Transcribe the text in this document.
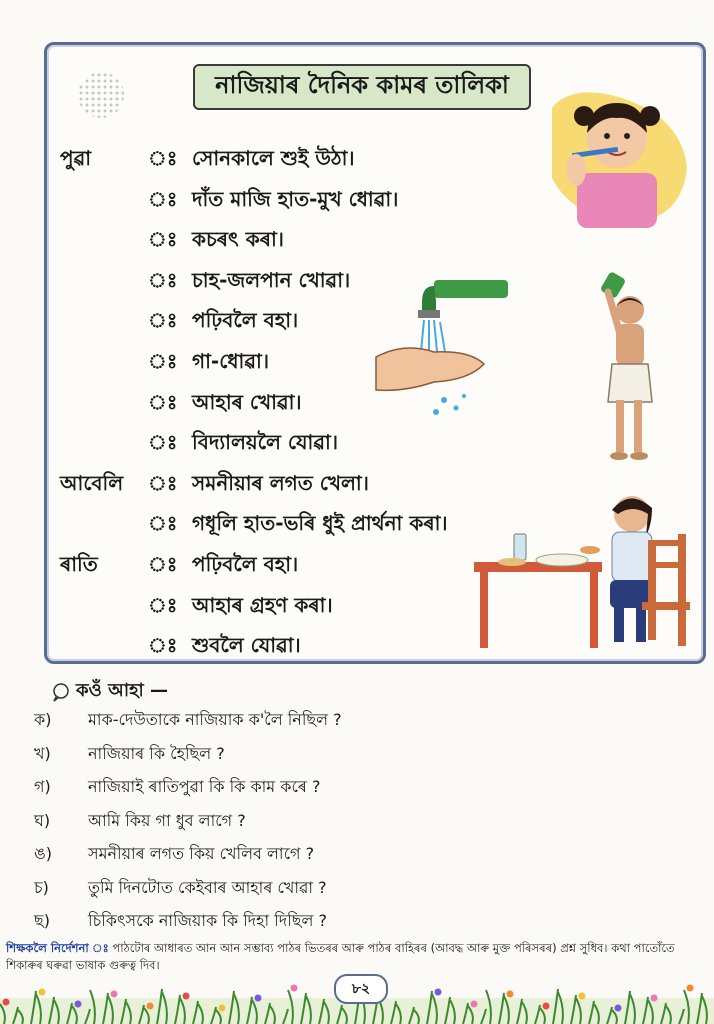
নাজিয়াৰ দৈনিক কামৰ তালিকা
পুৱা	ঃ সোনকালে শুই উঠা।
ঃ দাঁত মাজি হাত-মুখ ধোৱা।
ঃ কচৰৎ কৰা।
ঃ চাহ-জলপান খোৱা।
ঃ পঢ়িবলৈ বহা।
ঃ গা-ধোৱা।
ঃ আহাৰ খোৱা।
ঃ বিদ্যালয়লৈ যোৱা।
আবেলি ঃ সমনীয়াৰ লগত খেলা।
ঃ গধূলি হাত-ভৰি ধুই প্ৰাৰ্থনা কৰা।
ৰাতি	ঃ পঢ়িবলৈ বহা।
ঃ আহাৰ গ্ৰহণ কৰা।
ঃ শুবলৈ যোৱা।
কওঁ আহা —
ক) মাক-দেউতাকে নাজিয়াক ক'লৈ নিছিল ?
খ) নাজিয়াৰ কি হৈছিল ?
গ) নাজিয়াই ৰাতিপুৱা কি কি কাম কৰে ?
ঘ) আমি কিয় গা ধুব লাগে ?
ঙ) সমনীয়াৰ লগত কিয় খেলিব লাগে ?
চ) তুমি দিনটোত কেইবাৰ আহাৰ খোৱা ?
ছ) চিকিৎসকে নাজিয়াক কি দিহা দিছিল ?
শিক্ষকলৈ নিৰ্দেশনা ঃ পাঠটোৰ আধাৰত আন আন সম্ভাব্য পাঠৰ ভিতৰৰ আৰু পাঠৰ বাহিৰৰ (আবদ্ধ আৰু মুক্ত পৰিসৰৰ) প্ৰশ্ন সুধিব। কথা পাতোঁতে শিকাৰুৰ ঘৰুৱা ভাষাক গুৰুত্ব দিব।
৮২
